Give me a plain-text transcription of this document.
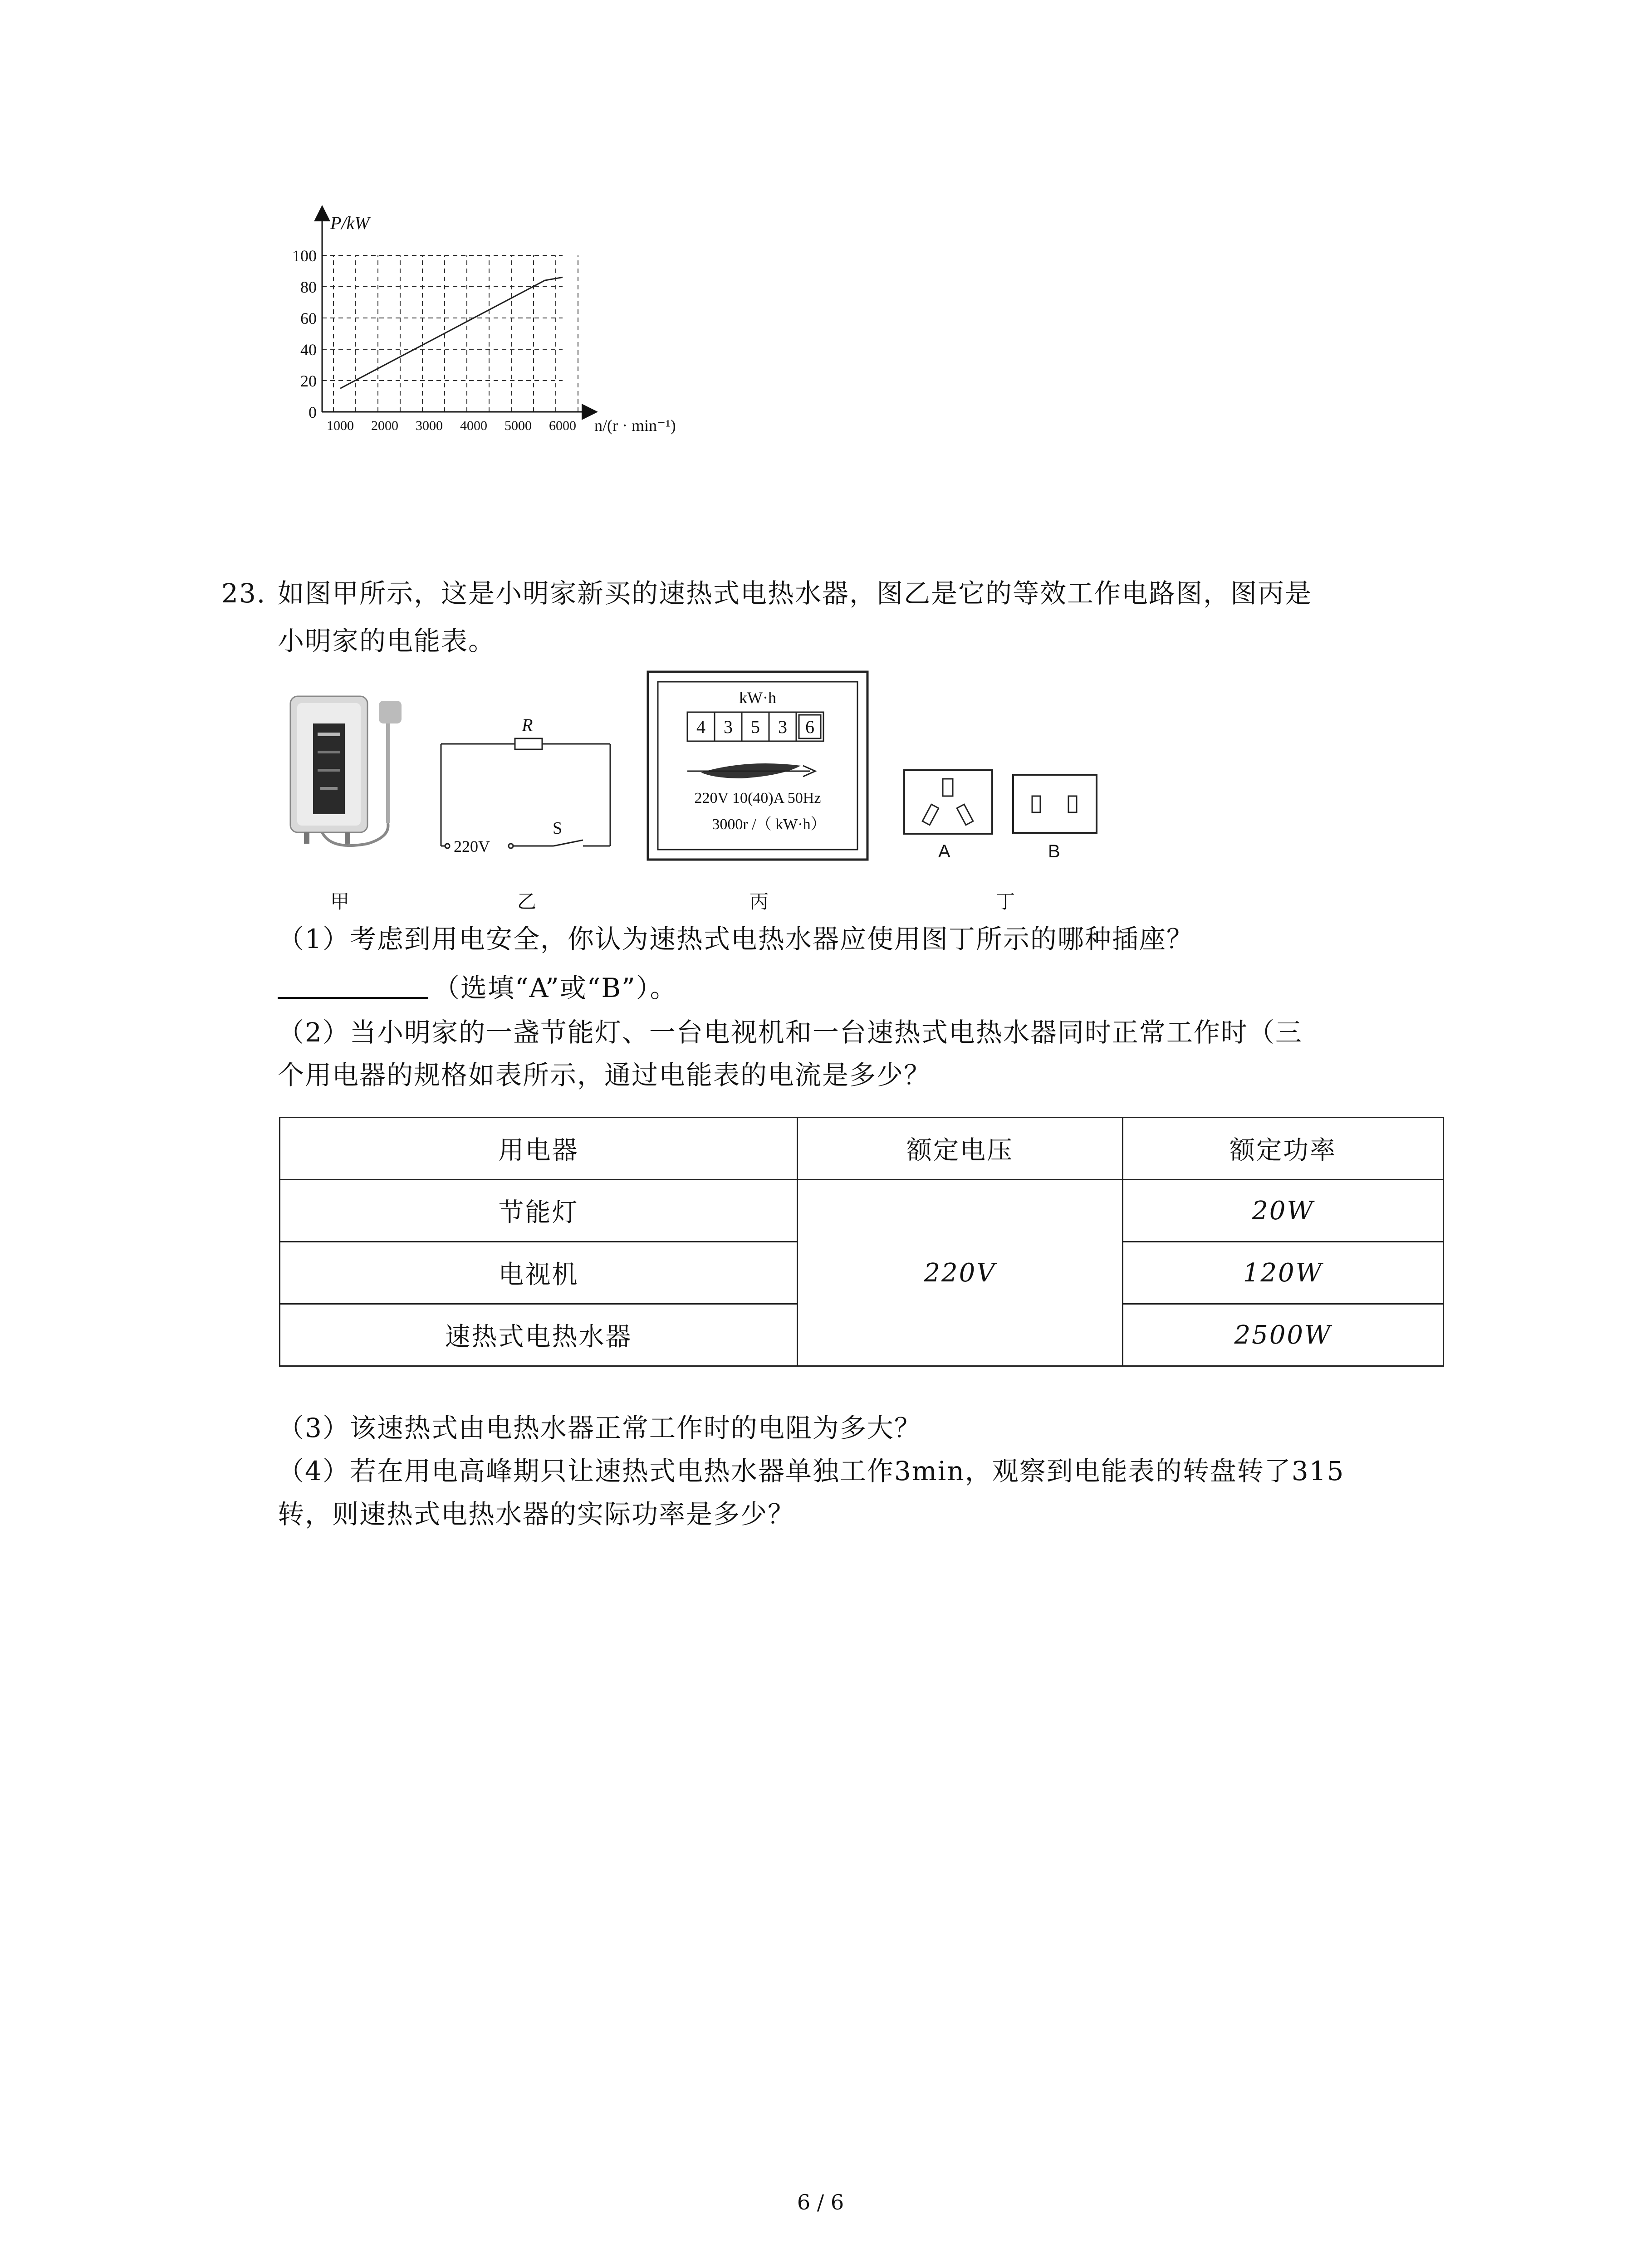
0
20
40
60
80
100
1000 2000 3000 4000 5000 6000
P/kW
n/(r · min⁻¹)
23. 如图甲所示，这是小明家新买的速热式电热水器，图乙是它的等效工作电路图，图丙是
小明家的电能表。
R
220V
S
kW·h
4 3 5 3 6
220V 10(40)A 50Hz
3000r /（ kW·h）
A	B
甲	乙	丙	丁
（1）考虑到用电安全，你认为速热式电热水器应使用图丁所示的哪种插座？
（选填“A”或“B”）。
（2）当小明家的一盏节能灯、一台电视机和一台速热式电热水器同时正常工作时（三
个用电器的规格如表所示，通过电能表的电流是多少？
用电器	额定电压	额定功率
节能灯	220V	20W
电视机		120W
速热式电热水器		2500W
（3）该速热式由电热水器正常工作时的电阻为多大？
（4）若在用电高峰期只让速热式电热水器单独工作3min，观察到电能表的转盘转了315
转，则速热式电热水器的实际功率是多少？
6 / 6
